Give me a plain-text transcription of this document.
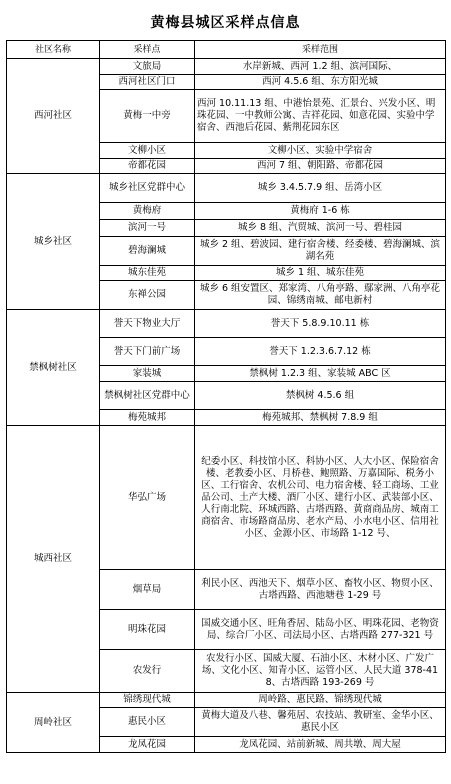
黄梅县城区采样点信息
社区名称	采样点	采样范围
西河社区	文旅局	水岸新城、西河 1.2 组、滨河国际、
	西河社区门口	西河 4.5.6 组、东方阳光城
	黄梅一中旁	西河 10.11.13 组、中港怡景苑、汇景台、兴发小区、明珠花园、一中教师公寓、吉祥花园、如意花园、实验中学宿舍、西池后花园、紫荆花园东区
	文柳小区	文柳小区、实验中学宿舍
	帝都花园	西河 7 组、朝阳路、帝都花园
城乡社区	城乡社区党群中心	城乡 3.4.5.7.9 组、岳湾小区
	黄梅府	黄梅府 1-6 栋
	滨河一号	城乡 8 组、汽贸城、滨河一号、碧桂园
	碧海澜城	城乡 2 组、碧波园、建行宿舍楼、经委楼、碧海澜城、滨湖名苑
	城东佳苑	城乡 1 组、城东佳苑
	东禅公园	城乡 6 组安置区、郑家湾、八角亭路、鄢家洲、八角亭花园、锦绣南城、邮电新村
禁枫树社区	誉天下物业大厅	誉天下 5.8.9.10.11 栋
	誉天下门前广场	誉天下 1.2.3.6.7.12 栋
	家装城	禁枫树 1.2.3 组、家装城 ABC 区
	禁枫树社区党群中心	禁枫树 4.5.6 组
	梅苑城邦	梅苑城邦、禁枫树 7.8.9 组
城西社区	华弘广场	纪委小区、科技馆小区、科协小区、人大小区、保险宿舍楼、老教委小区、月桥巷、鲍照路、万嘉国际、税务小区、工行宿舍、农机公司、电力宿舍楼、轻工商场、工业品公司、土产大楼、酒厂小区、建行小区、武装部小区、人行南北院、环城西路、古塔西路、黄商商品房、城南工商宿舍、市场路商品房、老水产局、小水电小区、信用社小区、金源小区、市场路 1-12 号、
	烟草局	利民小区、西池天下、烟草小区、畜牧小区、物贸小区、古塔西路、西池塘巷 1-29 号
	明珠花园	国威交通小区、旺角香居、陆岛小区、明珠花园、老物资局、综合厂小区、司法局小区、古塔西路 277-321 号
	农发行	农发行小区、国威大厦、石油小区、木材小区、广发广场、文化小区、知青小区、运管小区、人民大道 378-418、古塔西路 193-269 号
周岭社区	锦绣现代城	周岭路、惠民路、锦绣现代城
	惠民小区	黄梅大道及八巷、馨苑居、农技站、教研室、金华小区、惠民小区
	龙凤花园	龙凤花园、站前新城、周共墩、周大屋
